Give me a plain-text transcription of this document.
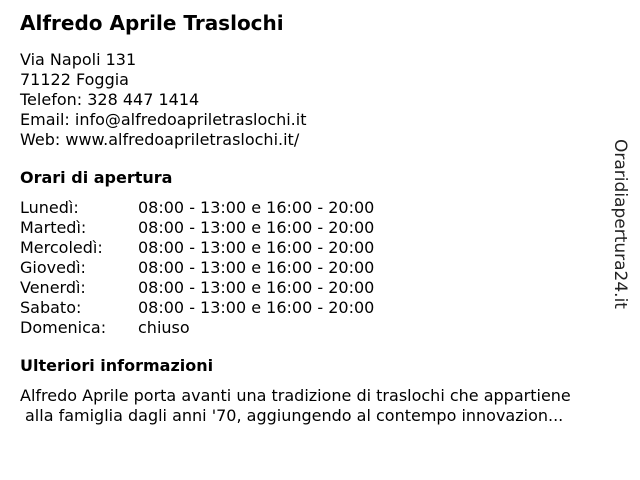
Alfredo Aprile Traslochi
Via Napoli 131
71122 Foggia
Telefon: 328 447 1414
Email: info@alfredoapriletraslochi.it
Web: www.alfredoapriletraslochi.it/
Orari di apertura
Lunedì:	08:00 - 13:00 e 16:00 - 20:00
Martedì:	08:00 - 13:00 e 16:00 - 20:00
Mercoledì:	08:00 - 13:00 e 16:00 - 20:00
Giovedì:	08:00 - 13:00 e 16:00 - 20:00
Venerdì:	08:00 - 13:00 e 16:00 - 20:00
Sabato:	08:00 - 13:00 e 16:00 - 20:00
Domenica:	chiuso
Ulteriori informazioni
Alfredo Aprile porta avanti una tradizione di traslochi che appartiene
alla famiglia dagli anni '70, aggiungendo al contempo innovazion...
Oraridiapertura24.it
